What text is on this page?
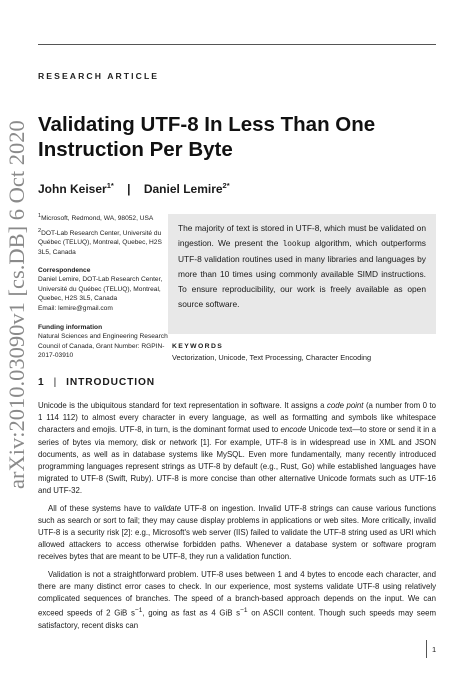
arXiv:2010.03090v1 [cs.DB] 6 Oct 2020
RESEARCH ARTICLE
Validating UTF-8 In Less Than One Instruction Per Byte
John Keiser$^{1*}$ | Daniel Lemire$^{2*}$

$^1$Microsoft, Redmond, WA, 98052, USA

$^2$DOT-Lab Research Center, Université du Québec (TELUQ), Montreal, Quebec, H2S 3L5, Canada

Correspondence

Daniel Lemire, DOT-Lab Research Center, Université du Québec (TELUQ), Montreal, Quebec, H2S 3L5, Canada

Email: lemire@gmail.com

Funding information

Natural Sciences and Engineering Research Council of Canada, Grant Number: RGPIN-2017-03910

The majority of text is stored in UTF-8, which must be validated on ingestion. We present the lookup algorithm, which outperforms UTF-8 validation routines used in many libraries and languages by more than 10 times using commonly available SIMD instructions. To ensure reproducibility, our work is freely available as open source software.

KEYWORDS
Vectorization, Unicode, Text Processing, Character Encoding
1 | INTRODUCTION

Unicode is the ubiquitous standard for text representation in software. It assigns a code point (a number from 0 to 1 114 112) to almost every character in every language, as well as formatting and symbols like whitespace characters and emojis. UTF-8, in turn, is the dominant format used to encode Unicode text—to store or send it in a series of bytes via memory, disk or network [1]. For example, UTF-8 is in widespread use in XML and JSON documents, as well as in database systems like MySQL. Even more fundamentally, many recently introduced programming languages represent strings as UTF-8 by default (e.g., Rust, Go) while established languages have migrated to UTF-8 (Swift, Ruby). UTF-8 is more concise than other alternative Unicode formats such as UTF-16 and UTF-32.

All of these systems have to validate UTF-8 on ingestion. Invalid UTF-8 strings can cause various functions such as search or sort to fail; they may cause display problems in applications or web sites. More critically, invalid UTF-8 is a security risk [2]: e.g., Microsoft's web server (IIS) failed to validate the UTF-8 string used as URI which allowed attackers to access otherwise forbidden paths. Whenever a database system or software program receives bytes that are meant to be UTF-8, they run a validation function.

Validation is not a straightforward problem. UTF-8 uses between 1 and 4 bytes to encode each character, and there are many distinct error cases to check. In our experience, most systems validate UTF-8 using relatively complicated sequences of branches. The speed of a branch-based approach depends on the input. We can exceed speeds of 2 GiB $s^{-1}$, going as fast as 4 GiB $s^{-1}$ on ASCII content. Though such speeds may seem satisfactory, recent disks can

1
